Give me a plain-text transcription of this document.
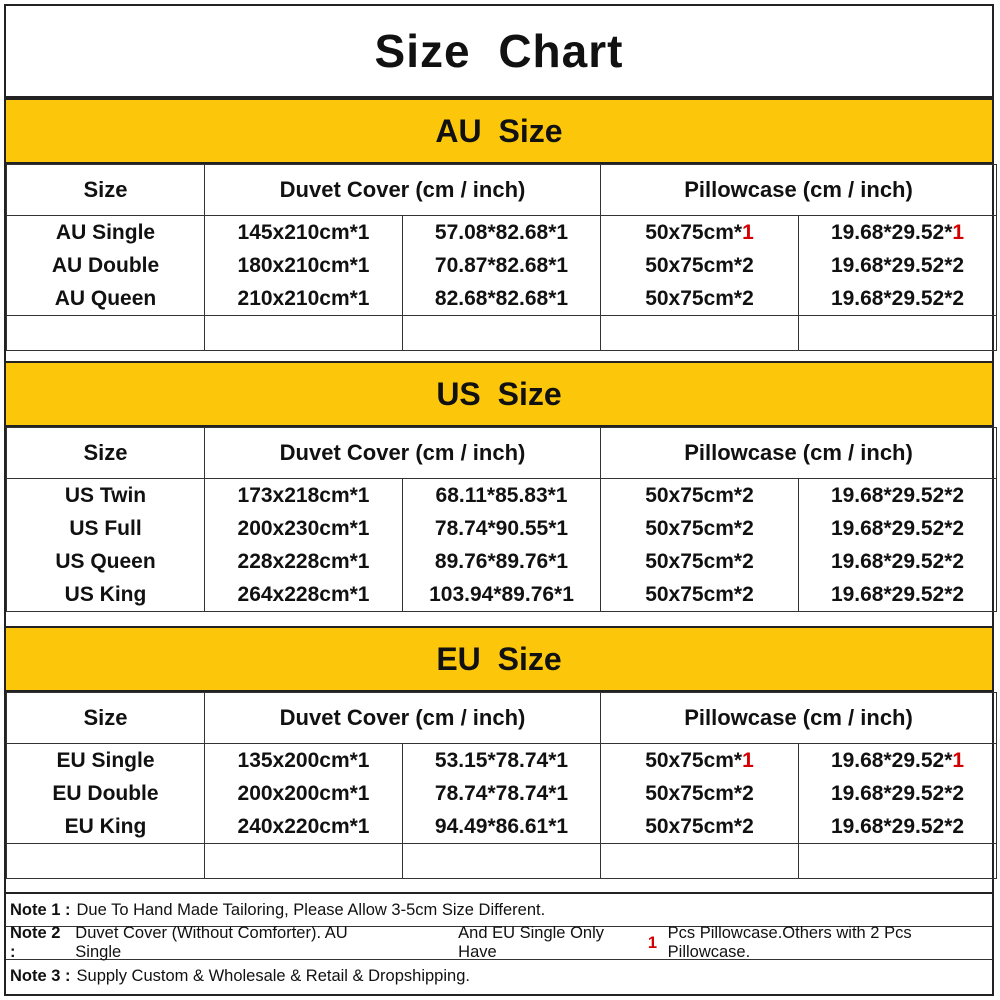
Size Chart
AU Size
Size	Duvet Cover (cm / inch)		Pillowcase (cm / inch)	
AU Single	145x210cm*1	57.08*82.68*1	50x75cm*1	19.68*29.52*1
AU Double	180x210cm*1	70.87*82.68*1	50x75cm*2	19.68*29.52*2
AU Queen	210x210cm*1	82.68*82.68*1	50x75cm*2	19.68*29.52*2

US Size
Size	Duvet Cover (cm / inch)		Pillowcase (cm / inch)	
US Twin	173x218cm*1	68.11*85.83*1	50x75cm*2	19.68*29.52*2
US Full	200x230cm*1	78.74*90.55*1	50x75cm*2	19.68*29.52*2
US Queen	228x228cm*1	89.76*89.76*1	50x75cm*2	19.68*29.52*2
US King	264x228cm*1	103.94*89.76*1	50x75cm*2	19.68*29.52*2
EU Size
Size	Duvet Cover (cm / inch)		Pillowcase (cm / inch)	
EU Single	135x200cm*1	53.15*78.74*1	50x75cm*1	19.68*29.52*1
EU Double	200x200cm*1	78.74*78.74*1	50x75cm*2	19.68*29.52*2
EU King	240x220cm*1	94.49*86.61*1	50x75cm*2	19.68*29.52*2

Note 1 : Due To Hand Made Tailoring, Please Allow 3-5cm Size Different.
Note 2 :
Duvet Cover (Without Comforter). AU Single
And EU Single Only Have

1

Pcs Pillowcase.Others with 2 Pcs Pillowcase.
Note 3 : Supply Custom & Wholesale & Retail & Dropshipping.
